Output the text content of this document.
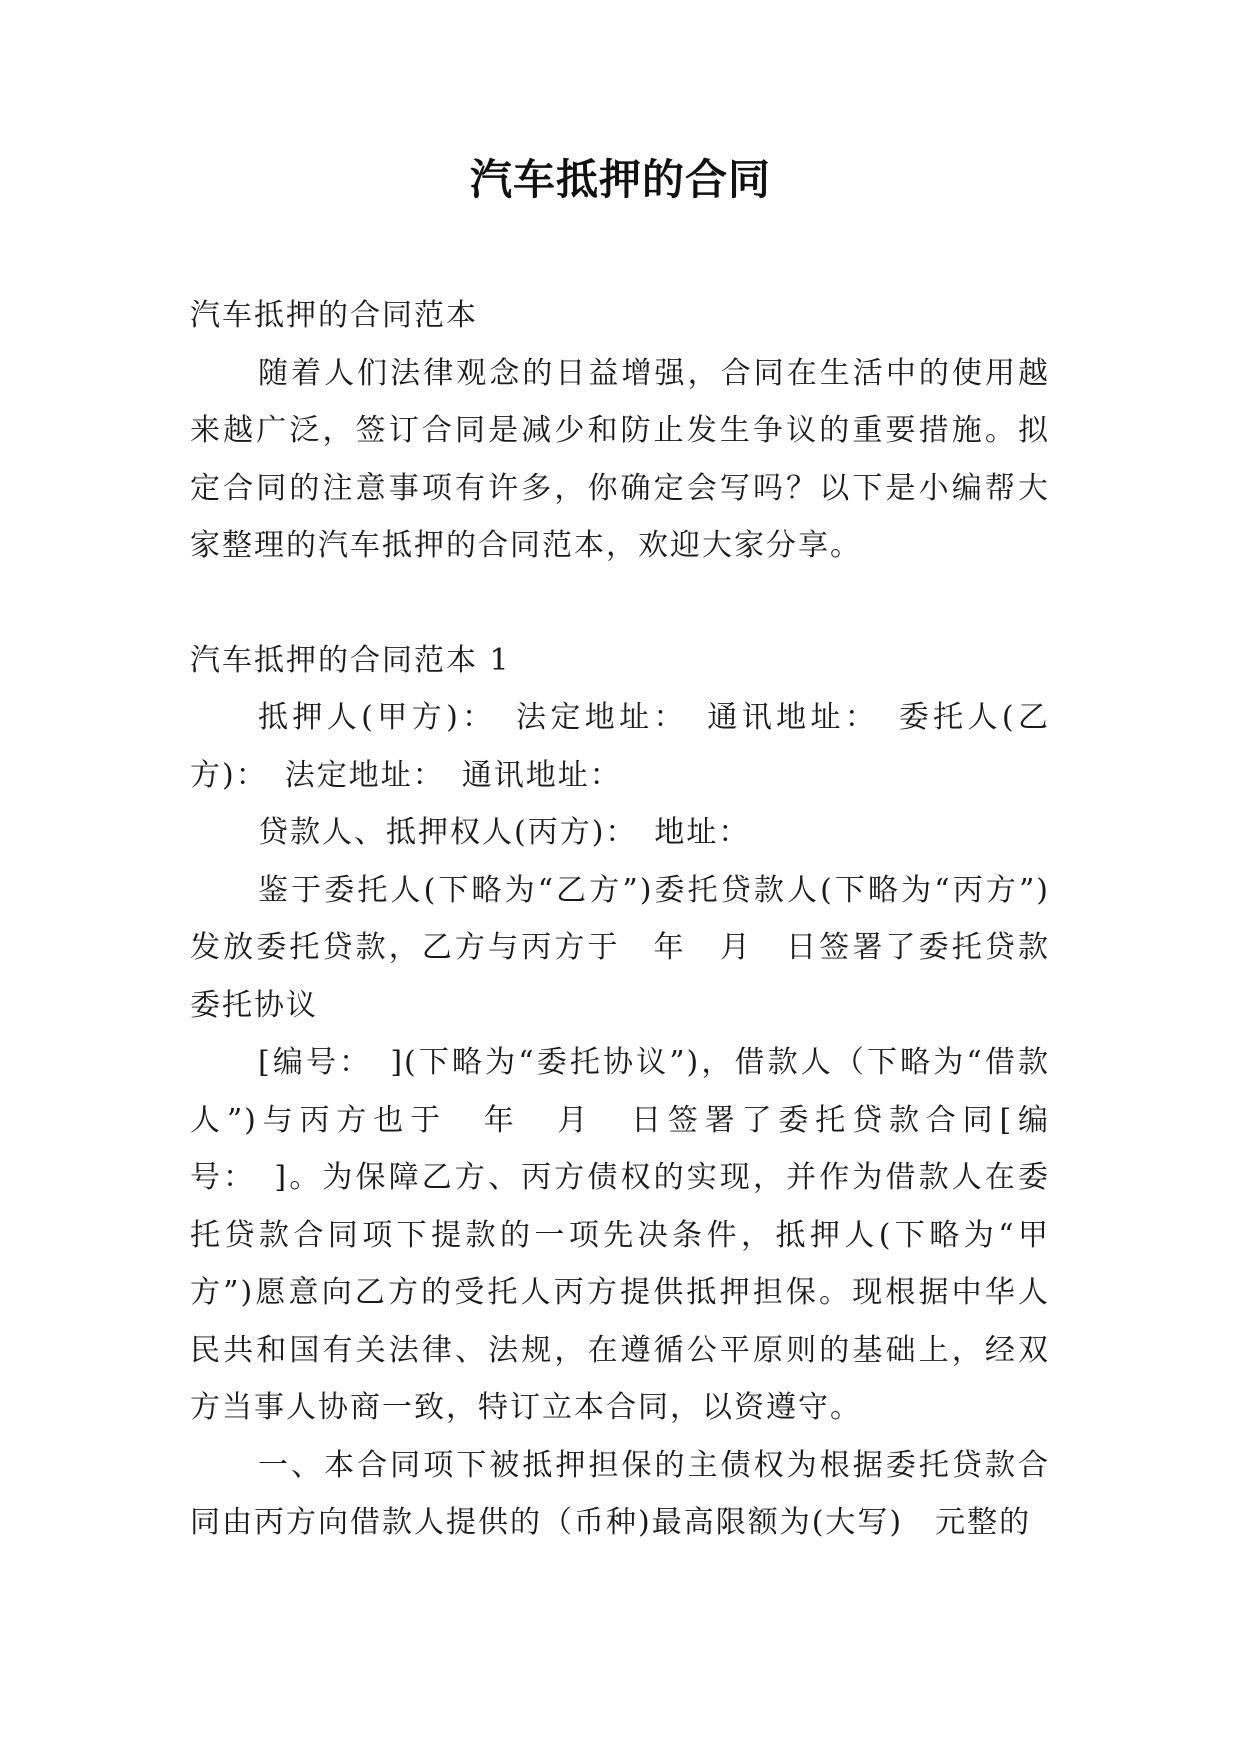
汽车抵押的合同

汽车抵押的合同范本

随着人们法律观念的日益增强，合同在生活中的使用越来越广泛，签订合同是减少和防止发生争议的重要措施。拟定合同的注意事项有许多，你确定会写吗？以下是小编帮大家整理的汽车抵押的合同范本，欢迎大家分享。

汽车抵押的合同范本 1

抵押人(甲方)：　法定地址：　通讯地址：　委托人(乙方)：　法定地址：　通讯地址：

贷款人、抵押权人(丙方)：　地址：

鉴于委托人(下略为“乙方”)委托贷款人(下略为“丙方”)发放委托贷款，乙方与丙方于　年　月　日签署了委托贷款委托协议

[编号：　](下略为“委托协议”)，借款人（下略为“借款人”)与丙方也于　年　月　日签署了委托贷款合同[编号：　]。为保障乙方、丙方债权的实现，并作为借款人在委托贷款合同项下提款的一项先决条件，抵押人(下略为“甲方”)愿意向乙方的受托人丙方提供抵押担保。现根据中华人民共和国有关法律、法规，在遵循公平原则的基础上，经双方当事人协商一致，特订立本合同，以资遵守。

一、本合同项下被抵押担保的主债权为根据委托贷款合同由丙方向借款人提供的（币种)最高限额为(大写)　元整的
